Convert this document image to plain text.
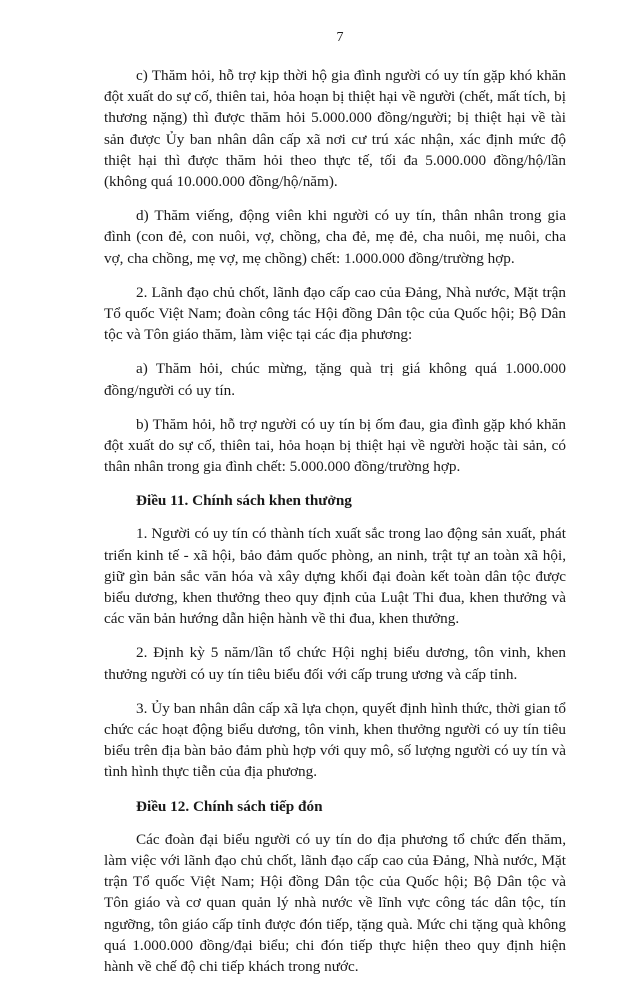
7

c) Thăm hỏi, hỗ trợ kịp thời hộ gia đình người có uy tín gặp khó khăn đột xuất do sự cố, thiên tai, hỏa hoạn bị thiệt hại về người (chết, mất tích, bị thương nặng) thì được thăm hỏi 5.000.000 đồng/người; bị thiệt hại về tài sản được Ủy ban nhân dân cấp xã nơi cư trú xác nhận, xác định mức độ thiệt hại thì được thăm hỏi theo thực tế, tối đa 5.000.000 đồng/hộ/lần (không quá 10.000.000 đồng/hộ/năm).

d) Thăm viếng, động viên khi người có uy tín, thân nhân trong gia đình (con đẻ, con nuôi, vợ, chồng, cha đẻ, mẹ đẻ, cha nuôi, mẹ nuôi, cha vợ, cha chồng, mẹ vợ, mẹ chồng) chết: 1.000.000 đồng/trường hợp.

2. Lãnh đạo chủ chốt, lãnh đạo cấp cao của Đảng, Nhà nước, Mặt trận Tổ quốc Việt Nam; đoàn công tác Hội đồng Dân tộc của Quốc hội; Bộ Dân tộc và Tôn giáo thăm, làm việc tại các địa phương:

a) Thăm hỏi, chúc mừng, tặng quà trị giá không quá 1.000.000 đồng/người có uy tín.

b) Thăm hỏi, hỗ trợ người có uy tín bị ốm đau, gia đình gặp khó khăn đột xuất do sự cố, thiên tai, hỏa hoạn bị thiệt hại về người hoặc tài sản, có thân nhân trong gia đình chết: 5.000.000 đồng/trường hợp.

Điều 11. Chính sách khen thưởng

1. Người có uy tín có thành tích xuất sắc trong lao động sản xuất, phát triển kinh tế - xã hội, bảo đảm quốc phòng, an ninh, trật tự an toàn xã hội, giữ gìn bản sắc văn hóa và xây dựng khối đại đoàn kết toàn dân tộc được biểu dương, khen thưởng theo quy định của Luật Thi đua, khen thưởng và các văn bản hướng dẫn hiện hành về thi đua, khen thưởng.

2. Định kỳ 5 năm/lần tổ chức Hội nghị biểu dương, tôn vinh, khen thưởng người có uy tín tiêu biểu đối với cấp trung ương và cấp tỉnh.

3. Ủy ban nhân dân cấp xã lựa chọn, quyết định hình thức, thời gian tổ chức các hoạt động biểu dương, tôn vinh, khen thưởng người có uy tín tiêu biểu trên địa bàn bảo đảm phù hợp với quy mô, số lượng người có uy tín và tình hình thực tiễn của địa phương.

Điều 12. Chính sách tiếp đón

Các đoàn đại biểu người có uy tín do địa phương tổ chức đến thăm, làm việc với lãnh đạo chủ chốt, lãnh đạo cấp cao của Đảng, Nhà nước, Mặt trận Tổ quốc Việt Nam; Hội đồng Dân tộc của Quốc hội; Bộ Dân tộc và Tôn giáo và cơ quan quản lý nhà nước về lĩnh vực công tác dân tộc, tín ngưỡng, tôn giáo cấp tỉnh được đón tiếp, tặng quà. Mức chi tặng quà không quá 1.000.000 đồng/đại biểu; chi đón tiếp thực hiện theo quy định hiện hành về chế độ chi tiếp khách trong nước.
